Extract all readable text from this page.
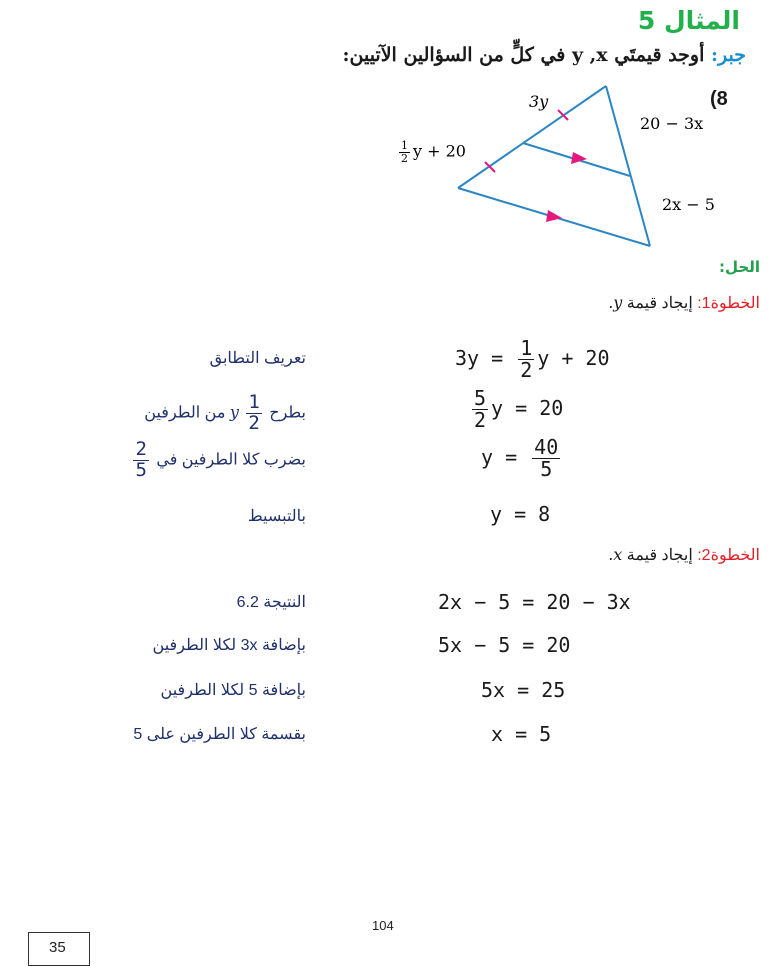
المثال 5
جبر: أوجد قيمتَي y ,x في كلٍّ من السؤالين الآتيين:
(8
3y
20 − 3x
$\frac{1}{2}$ y + 20
2x − 5
الحل:
الخطوة1: إيجاد قيمة y.
$3y = \frac{1}{2}$ y + 20
تعريف التطابق
$\frac{5}{2}$ y = 20
بطرح
$\frac{1}{2}$
y من الطرفين
$y = \frac{40}{5}$
بضرب كلا الطرفين في
$\frac{2}{5}$
y = 8
بالتبسيط
الخطوة2: إيجاد قيمة x.
2x − 5 = 20 − 3x
النتيجة 6.2
5x − 5 = 20
بإضافة 3x لكلا الطرفين
5x = 25
بإضافة 5 لكلا الطرفين
x = 5
بقسمة كلا الطرفين على 5
104
35
